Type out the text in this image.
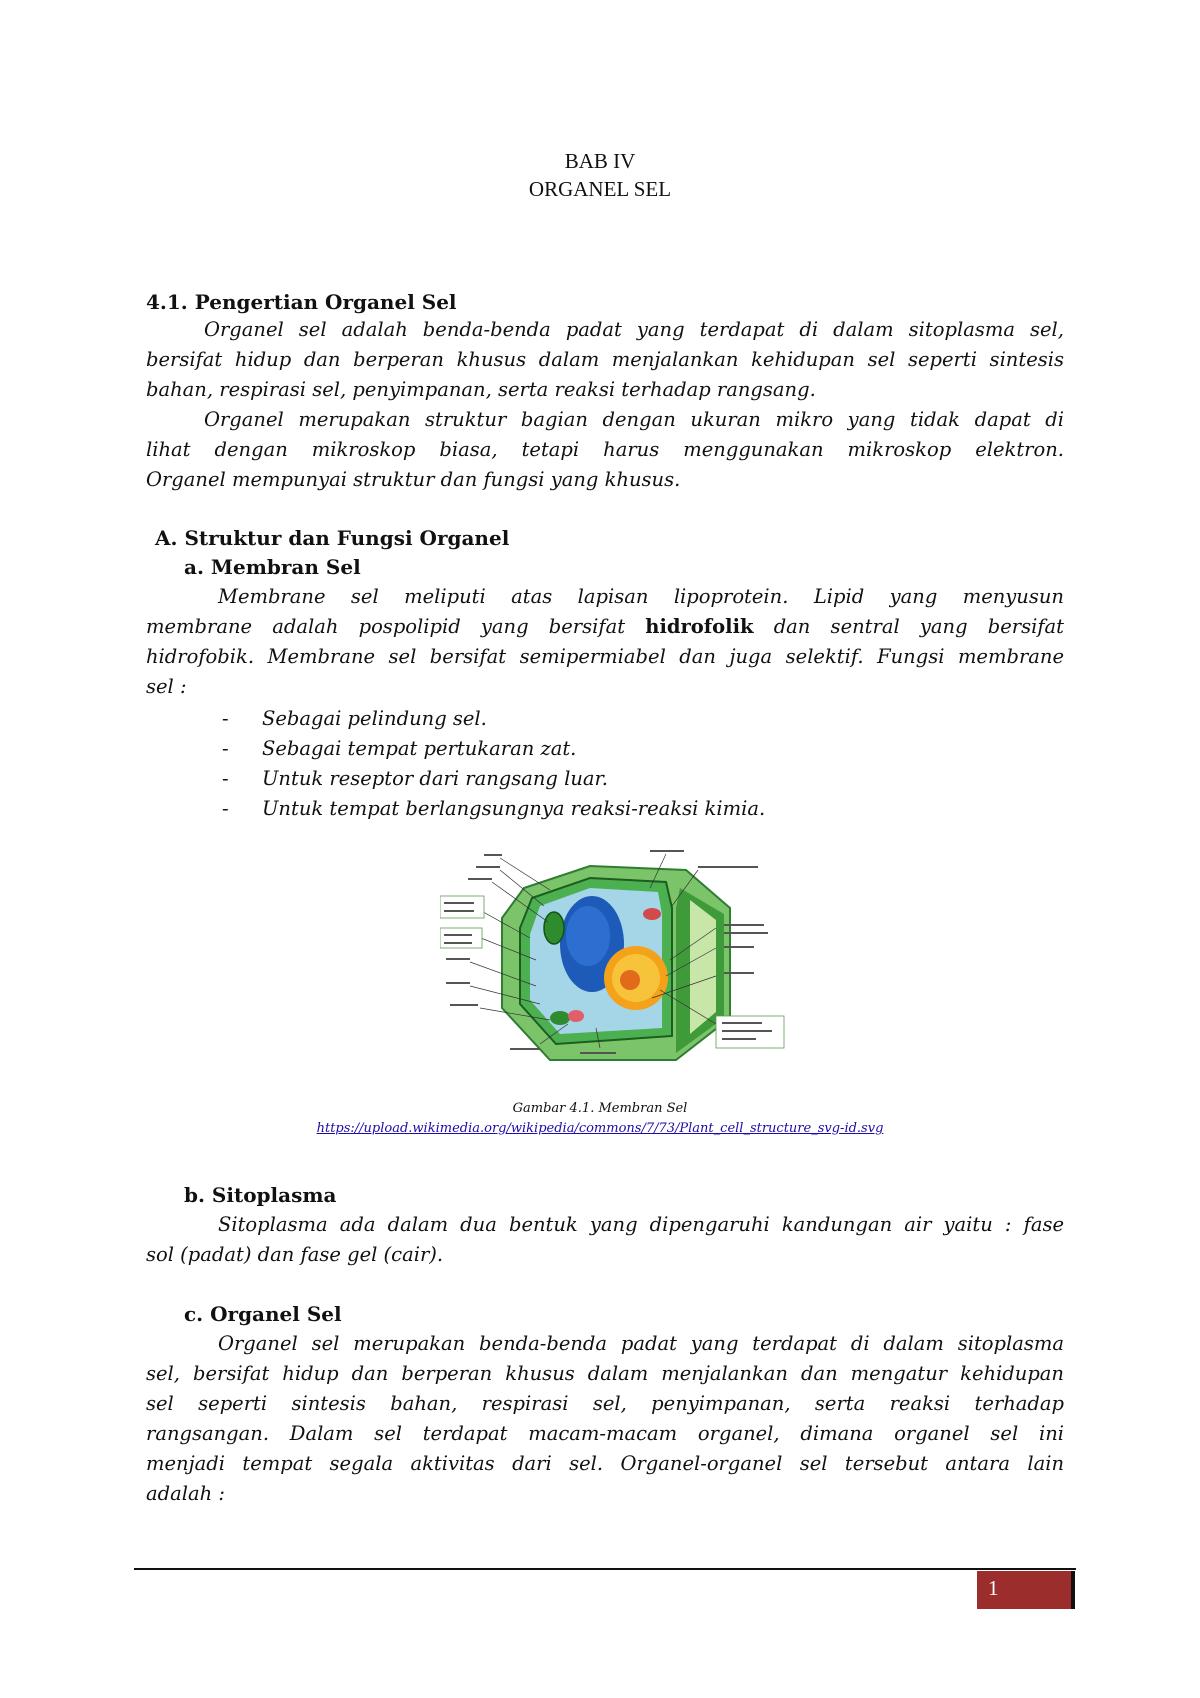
BAB IV
ORGANEL SEL
4.1. Pengertian Organel Sel
Organel sel adalah benda-benda padat yang terdapat di dalam sitoplasma sel,
bersifat hidup dan berperan khusus dalam menjalankan kehidupan sel seperti sintesis
bahan, respirasi sel, penyimpanan, serta reaksi terhadap rangsang.
Organel merupakan struktur bagian dengan ukuran mikro yang tidak dapat di
lihat dengan mikroskop biasa, tetapi harus menggunakan mikroskop elektron.
Organel mempunyai struktur dan fungsi yang khusus.
A. Struktur dan Fungsi Organel
a. Membran Sel
Membrane sel meliputi atas lapisan lipoprotein. Lipid yang menyusun
membrane adalah pospolipid yang bersifat hidrofolik dan sentral yang bersifat
hidrofobik. Membrane sel bersifat semipermiabel dan juga selektif. Fungsi membrane
sel :
-	Sebagai pelindung sel.
-	Sebagai tempat pertukaran zat.
-	Untuk reseptor dari rangsang luar.
-	Untuk tempat berlangsungnya reaksi-reaksi kimia.
Gambar 4.1. Membran Sel
https://upload.wikimedia.org/wikipedia/commons/7/73/Plant_cell_structure_svg-id.svg
b. Sitoplasma
Sitoplasma ada dalam dua bentuk yang dipengaruhi kandungan air yaitu : fase
sol (padat) dan fase gel (cair).
c. Organel Sel
Organel sel merupakan benda-benda padat yang terdapat di dalam sitoplasma
sel, bersifat hidup dan berperan khusus dalam menjalankan dan mengatur kehidupan
sel seperti sintesis bahan, respirasi sel, penyimpanan, serta reaksi terhadap
rangsangan. Dalam sel terdapat macam-macam organel, dimana organel sel ini
menjadi tempat segala aktivitas dari sel. Organel-organel sel tersebut antara lain
adalah :
1
